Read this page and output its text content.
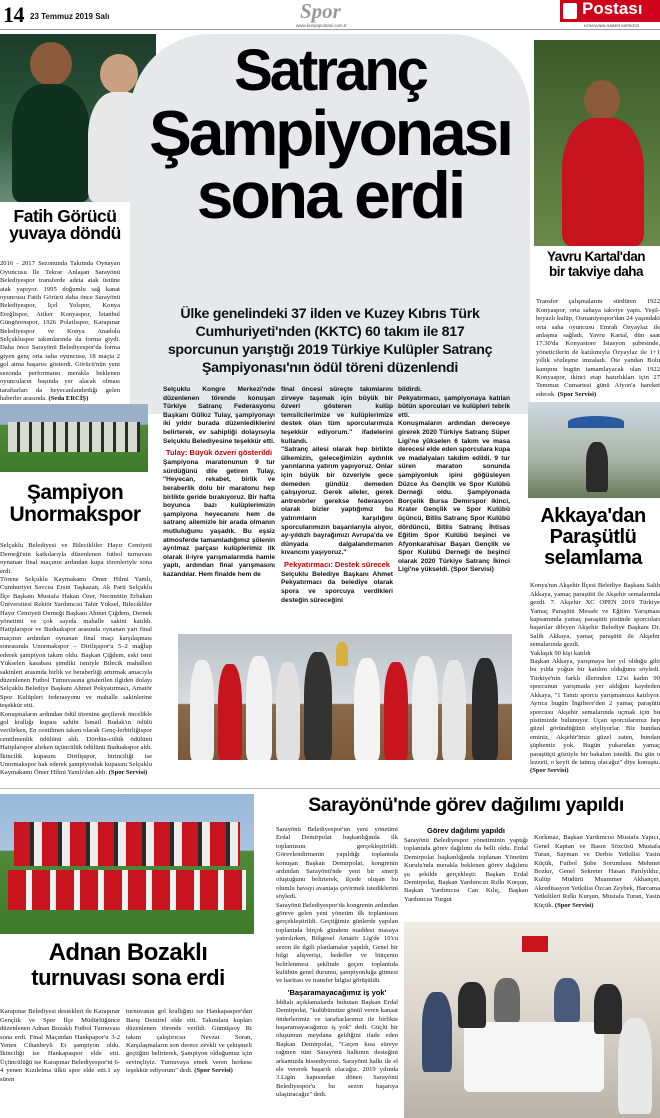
14 23 Temmuz 2019 Salı	Spor
www.konyapostasi.com.tr
Postası
KONYA'NIN HABER MERKEZİ
Fatih Görücü
yuvaya döndü

2016 - 2017 Sezonunda Takımda Oynayan Oyuncusu İle Tekrar Anlaşan Sarayönü Belediyespor transferde adeta atak üstüne atak yapıyor. 1995 doğumlu sağ kanat oyuncusu Fatih Görücü daha önce Sarayönü Belediyespor, İçel Yolspor, Konya Ereğlispor, Atiker Konyaspor, İstanbul Güngörenspor, 1926 Polatlıspor, Karapınar Belediyespor ve Konya Anadolu Selçukluspor takımlarında da forma giydi. Daha önce Sarayönü Belediyespor'da forma giyen genç orta saha oyuncusu, 18 maçta 2 gol atma başarısı gösterdi. Görücü'nün yeni sezonda performansı merakla beklenen oyuncuların başında yer alacak olması taraftarları da heyecanlandırdığı gelen haberler arasında. (Seda ERCİŞ)

Satranç
Şampiyonası
sona erdi
Ülke genelindeki 37 ilden ve Kuzey Kıbrıs Türk Cumhuriyeti'nden (KKTC) 60 takım ile 817 sporcunun yarıştığı 2019 Türkiye Kulüpler Satranç Şampiyonası'nın ödül töreni düzenlendi
Selçuklu Kongre Merkezi'nde düzenlenen törende konuşan Türkiye Satranç Federasyonu Başkanı Gülkız Tulay, şampiyonayı iki yıldır burada düzenlediklerini belirterek, ev sahipliği dolayısıyla Selçuklu Belediyesine teşekkür etti.
Tulay: Büyük özveri gösterildi
Şampiyona maratonunun 9 tur sürdüğünü dile getiren Tulay, "Heyecan, rekabet, birlik ve beraberlik dolu bir maratonu hep birlikte geride bırakıyoruz. Bir hafta boyunca bazı kulüplerimizin şampiyona heyecanını hem de satranç ailemizle bir arada olmanın mutluluğunu yaşadık. Bu eşsiz atmosferde tamamladığımız şölenin ayrılmaz parçası kulüplerimiz ilk olarak il-iyre yarışmalarında hamle yaptı, ardından final yarışmasını kazandılar. Hem finalde hem de
final öncesi süreçte takımlarını zirveye taşımak için büyük bir özveri gösteren kulüp temsilcilerimize ve kulüplerimize destek olan tüm sporcularımıza teşekkür ediyorum." ifadelerini kullandı.
"Satranç ailesi olarak hep birlikte ülkemizin, geleceğimizin aydınlık yarınlarına yatırım yapıyoruz. Onlar için büyük bir özveriyle gece demeden gündüz demeden çalışıyoruz. Gerek aileler, gerek antrenörler gerekse federasyon olarak bizler yaptığımız bu yatırımların karşılığını sporcularımızın başarılarıyla alıyor, ay-yıldızlı bayrağımızı Avrupa'da ve dünyada dalgalandırmanın kıvancını yaşıyoruz."
Pekyatırmacı: Destek sürecek
Selçuklu Belediye Başkanı Ahmet Pekyatırmacı da belediye olarak spora ve sporcuya verdikleri desteğin süreceğini
bildirdi.
Pekyatırmacı, şampiyonaya katılan bütün sporcuları ve kulüpleri tebrik etti.
Konuşmaların ardından dereceye girerek 2020 Türkiye Satranç Süper Ligi'ne yükselen 6 takım ve masa derecesi elde eden sporculara kupa ve madalyaları takdim edildi. 9 tur süren maraton sonunda şampiyonluk ipini göğüsleyen Düzce As Gençlik ve Spor Kulübü Derneği oldu. Şampiyonada Borçelik Bursa Demirspor ikinci, Krater Gençlik ve Spor Kulübü üçüncü, Bitlis Satranç Spor Kulübü dördüncü, Bitlis Satranç İhtisas Eğitim Spor Kulübü beşinci ve Afyonkarahisar Başarı Gençlik ve Spor Kulübü Derneği de beşinci olarak 2020 Türkiye Satranç İkinci Ligi'ne yükseldi. (Spor Servisi)
Yavru Kartal'dan
bir takviye daha

Transfer çalışmalarını sürdüren 1922 Konyaspor, orta sahaya takviye yaptı. Yeşil-beyazlı kulüp, Osmaniyespor'dan 24 yaşındaki orta saha oyuncusu Emrah Özyaylaz ile anlaşma sağladı. Yavru Kartal, dün saat 17.30'da Konyastore İstasyon şubesinde, yöneticilerin de katılımıyla Özyaylaz ile 1+1 yıllık sözleşme imzaladı. Öte yandan Bolu kampını bugün tamamlayacak olan 1922 Konyaspor, ikinci etap hazırlıkları için 27 Temmuz Cumartesi günü Afyon'a hareket edecek. (Spor Servisi)

Şampiyon
Unormakspor

Selçuklu Belediyesi ve Bilecikliler Hayır Cemiyeti Derneği'nin katkılarıyla düzenlenen futbol turnuvası oynanan final maçının ardından kupa törenleriyle sona erdi.
Törene Selçuklu Kaymakamı Ömer Hilmi Yamlı, Cumhuriyet Savcısı Ersin Taşkazan, Ak Parti Selçuklu İlçe Başkanı Mustafa Hakan Özer, Necmettin Erbakan Üniversitesi Rektör Yardımcısı Tahir Yüksel, Bilecikliler Hayır Cemiyeti Derneği Başkanı Ahmet Çiğdem, Dernek yönetimi ve çok sayıda mahalle sakini katıldı. Hatiplarspor ve Buduakspor arasında oynanan yarı final maçının ardından oynanan final maçı karşılaşması sonrasında Unormakspor – Dirilişspor'u 5–2 mağlup ederek şampiyon takım oldu. Başkan Çiğdem, eski ismi Yükselen kasabası şimdiki ismiyle Bilecik mahallesi sakinleri arasında birlik ve beraberliği artırmak amacıyla düzenlenen Futbol Turnuvasına gösterilen ilgiden dolayı Selçuklu Belediye Başkanı Ahmet Pekyatırmacı, Amatör Spor Kulüpleri federasyonu ve mahalle sakinlerine teşekkür etti.
Konuşmaların ardından ödül törenine geçilerek öncelikle gol krallığı kupası sahibi İsmail Budak'ın ödülü verilirken, En centilmen takım olarak Genç-lerbirliğispor centilmenlik ödülünü aldı. Dördün-cülük ödülünü Hatiplarspor alırken üçüncülük ödülünü Buduakspor aldı. İkincilik kupasını Dirilişspor, birinciliği ise Unormakspor hak ederek şampiyonluk kupasını Selçuklu Kaymakamı Ömer Hilmi Yamlı'dan aldı. (Spor Servisi)

Akkaya'dan
Paraşütlü
selamlama

Konya'nın Akşehir İlçesi Belediye Başkanı Salih Akkaya, yamaç paraşütü ile Akşehir semalarında gezdi. 7. Akşehir XC OPEN 2019 Türkiye Yamaç Paraşütü Mesafe ve Eğitim Yarışması kapsamında yamaç paraşütü pistinde sporcuları başarılar dileyen Akşehir Belediye Başkanı Dr. Salih Akkaya, yamaç paraşütü ile Akşehir semalarında gezdi.
Yaklaşık 90 kişi katıldı
Başkan Akkaya, yarışmaya her yıl olduğu gibi bu yılda yoğun bir katılım olduğunu söyledi. Türkiye'nin farklı illerinden 12'si kadın 90 sporcunun yarışmada yer aldığını kaydeden Akkaya, "1 Tanıtı sporcu yarışmamıza katılıyor. Ayrıca bugün İngiltere'den 2 yamaç paraşütü sporcusu Akşehir semalarında uçmak için bu pistimizde bulunuyor. Uçan sporcularımız hep güzel göründüğünü söyliyorlar. Biz bundan eminiz, Akşehir'imiz güzel zaten, bundan şüphemiz yok. Bugün yukarıdan yamaç paraşütçü gözüyle bir bakalım istedik. Bu gün o lezzeti, o keyfi de tatmış olacağız" diye konuştu. (Spor Servisi)

Adnan Bozaklı
turnuvası sona erdi

Karapınar Belediyesi destekleri ile Karapınar Gençlik ve Spor İlçe Müdürlüğünce düzenlenen Adnan Bozaklı Futbol Turnuvası sona erdi. Final Maçından Hankpapor'u 3-2 Yenen Cihanbeyli Et şampiyon oldu. İkinciliği ise Hankapaspor elde etti. Üçüncülüğü ise Karapınar Belediyespor'ni 6-4 yenen Kızılelma ülkü spor elde etti.1 ay süren

turnuvanın gol krallığını ise Hankapaspor'dan Barış Demirel elde etti. Takımlara kupları düzenlenen törende verildi. Gümüşsoy Rt takım çalıştırıcısı Nevzat Soran, Karşılaşmaların son derece zevkli ve çekişmeli geçtiğini belirterek, Şampiyon olduğumuz için sevinçliyiz. Turnuvaya emek veren herkese teşekkür ediyorum" dedi. (Spor Servisi)

Sarayönü'nde görev dağılımı yapıldı
Sarayönü Belediyespor'un yeni yönetimi Erdal Demirpolat başkanlığında ilk toplantısını gerçekleştirildi. Görevlendirmenin yapıldığı toplantıda konuşan Başkan Demirpolat, kongrenin ardından Sarayönü'nde yeni bir sinerji oluştuğunu belirterek, ilçede oluşan bu olumlu havayı avantaja çevirmek istediklerini söyledi.
Sarayönü Belediyespor'da kongrenin ardından göreve gelen yeni yönetim ilk toplantısını gerçekleştirildi. Geçtiğimiz günlerde yapılan toplantıda birçok gündem maddesi masaya yatırılırken, Bölgesel Amatör Lig'de 10'cu sezon ile ilgili planlamalar yapıldı, Genel bir bilgi alışverişi, hedefler ve bütçenin belirlenmesi şeklinde geçen toplantıda kulübün genel durumu, şampiyonluğa gitmesi ve haritası ve transfer bilgisi görüşüldü.
'Başaramayacağımız iş yok'
İddialı açıklamalarda bulunan Başkan Erdal Demirpolat, "kulübümüze gönül veren kanaat önderlerimiz ve taraftarlarımız ile birlikte başaramayacağımız iş yok" dedi. Güçlü bir oluşumun meydana geldiğini ifade eden Başkan Demirpolat, "Geçen kısa süreye rağmen tüm Sarayönü halkının desteğini arkamızda hissediyoruz. Sarayönü halkı ile el ele vererek başarılı olacağız. 2019 yılında 3.Ligin kapısından dönen Sarayönü Belediyespor'u bu sezon başarıya ulaştıracağız" dedi.
Görev dağılımı yapıldı
Sarayönü Belediyespor yönetiminin yaptığı toplantıda görev dağılımı da belli oldu. Erdal Demirpolat başkanlığında toplanan Yönetim Kurulu'nda merakla beklenen görev dağılımı şu şekilde gerçekleşti: Başkan Erdal Demirpolat, Başkan Yardımcısı Rıfkı Kurşun, Başkan Yardımcısı Can Kılıç, Başkan Yardımcısı Turgut

Korkmaz, Başkan Yardımcısı Mustafa Yapıcı, Genel Kaptan ve Basın Sözcüsü Mustafa Turan, Sayman ve Derbis Yetkilisi Yasin Küçük, Futbol Şube Sorumlusu Mehmet Bozkır, Genel Sekreter Hasan Parılyıldız, Kulüp Müdürü Muammer Akhançer, Akreditasyon Yetkilisi Özcan Zeybek, Harcama Yetkilileri Rıfkı Kurşun, Mustafa Turan, Yasin Küçük. (Spor Servisi)
